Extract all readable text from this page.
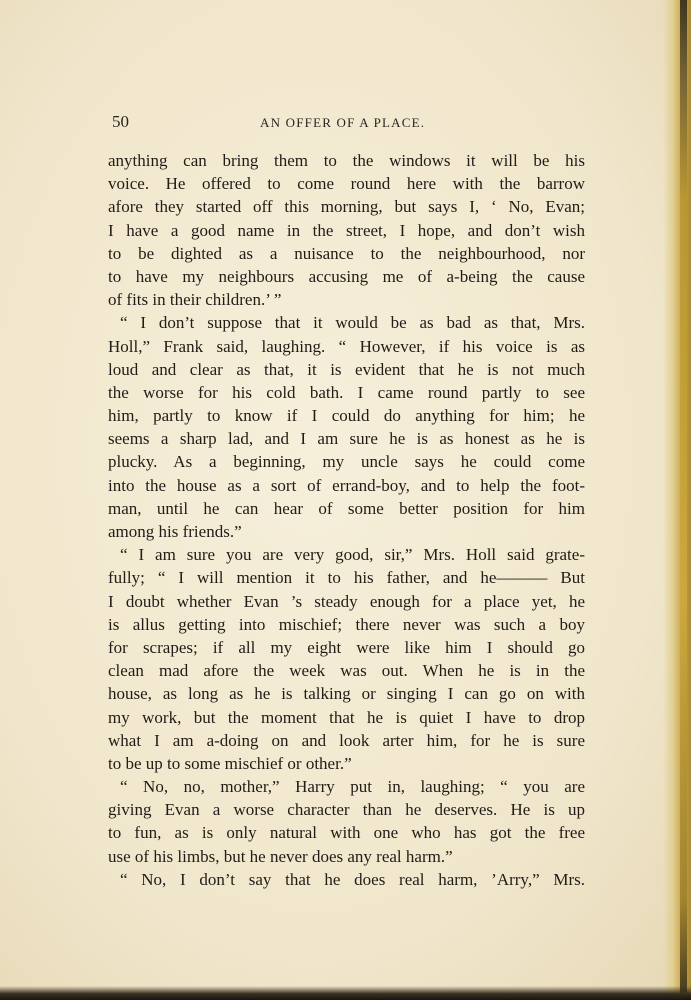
50	AN OFFER OF A PLACE.
anything can bring them to the windows it will be his
voice. He offered to come round here with the barrow
afore they started off this morning, but says I, ‘ No, Evan;
I have a good name in the street, I hope, and don’t wish
to be dighted as a nuisance to the neighbourhood, nor
to have my neighbours accusing me of a-being the cause
of fits in their children.’ ”
“ I don’t suppose that it would be as bad as that, Mrs.
Holl,” Frank said, laughing. “ However, if his voice is as
loud and clear as that, it is evident that he is not much
the worse for his cold bath. I came round partly to see
him, partly to know if I could do anything for him; he
seems a sharp lad, and I am sure he is as honest as he is
plucky. As a beginning, my uncle says he could come
into the house as a sort of errand-boy, and to help the foot-
man, until he can hear of some better position for him
among his friends.”
“ I am sure you are very good, sir,” Mrs. Holl said grate-
fully; “ I will mention it to his father, and he——— But
I doubt whether Evan ’s steady enough for a place yet, he
is allus getting into mischief; there never was such a boy
for scrapes; if all my eight were like him I should go
clean mad afore the week was out. When he is in the
house, as long as he is talking or singing I can go on with
my work, but the moment that he is quiet I have to drop
what I am a-doing on and look arter him, for he is sure
to be up to some mischief or other.”
“ No, no, mother,” Harry put in, laughing; “ you are
giving Evan a worse character than he deserves. He is up
to fun, as is only natural with one who has got the free
use of his limbs, but he never does any real harm.”
“ No, I don’t say that he does real harm, ’Arry,” Mrs.
